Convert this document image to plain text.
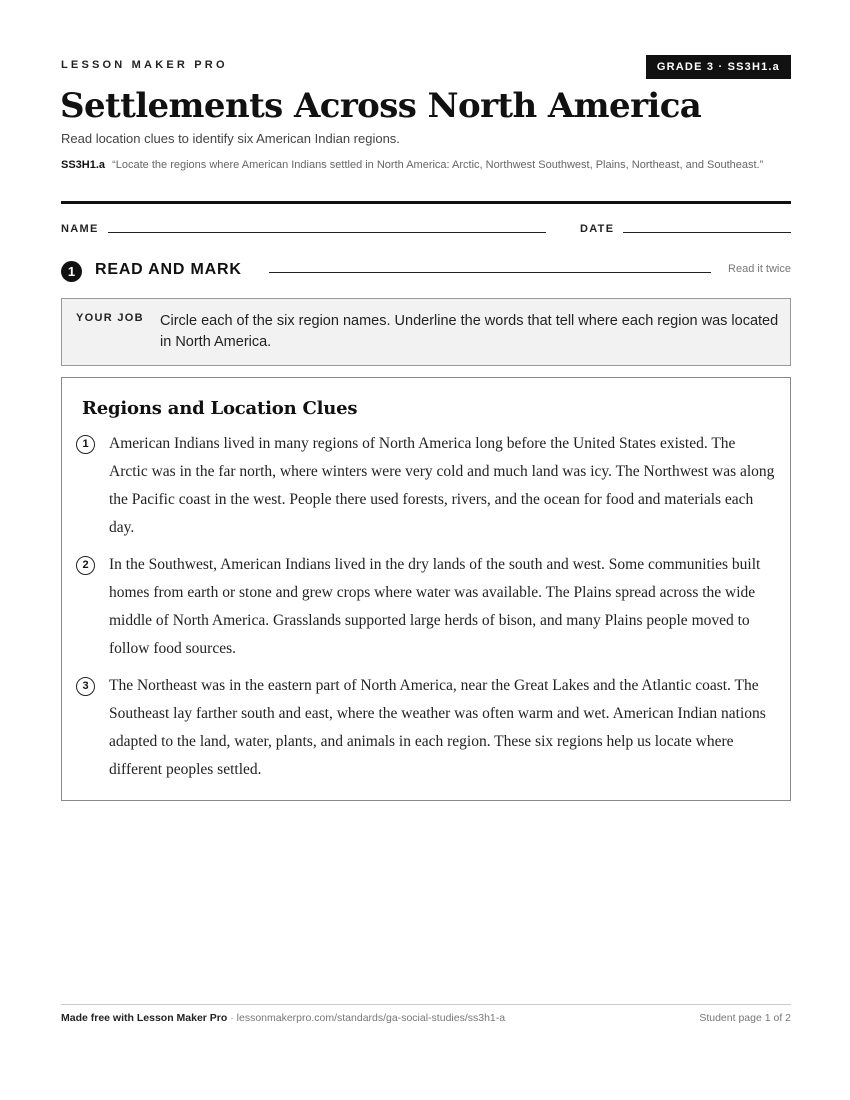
LESSON MAKER PRO	GRADE 3 · SS3H1.a
Settlements Across North America
Read location clues to identify six American Indian regions.
SS3H1.a “Locate the regions where American Indians settled in North America: Arctic, Northwest Southwest, Plains, Northeast, and Southeast.”
NAME	DATE
1	READ AND MARK	Read it twice
YOUR JOB Circle each of the six region names. Underline the words that tell where each region was located in North America.
Regions and Location Clues
1	American Indians lived in many regions of North America long before the United States existed. The Arctic was in the far north, where winters were very cold and much land was icy. The Northwest was along the Pacific coast in the west. People there used forests, rivers, and the ocean for food and materials each day.
2	In the Southwest, American Indians lived in the dry lands of the south and west. Some communities built homes from earth or stone and grew crops where water was available. The Plains spread across the wide middle of North America. Grasslands supported large herds of bison, and many Plains people moved to follow food sources.
3	The Northeast was in the eastern part of North America, near the Great Lakes and the Atlantic coast. The Southeast lay farther south and east, where the weather was often warm and wet. American Indian nations adapted to the land, water, plants, and animals in each region. These six regions help us locate where different peoples settled.
Made free with Lesson Maker Pro · lessonmakerpro.com/standards/ga-social-studies/ss3h1-a	Student page 1 of 2
